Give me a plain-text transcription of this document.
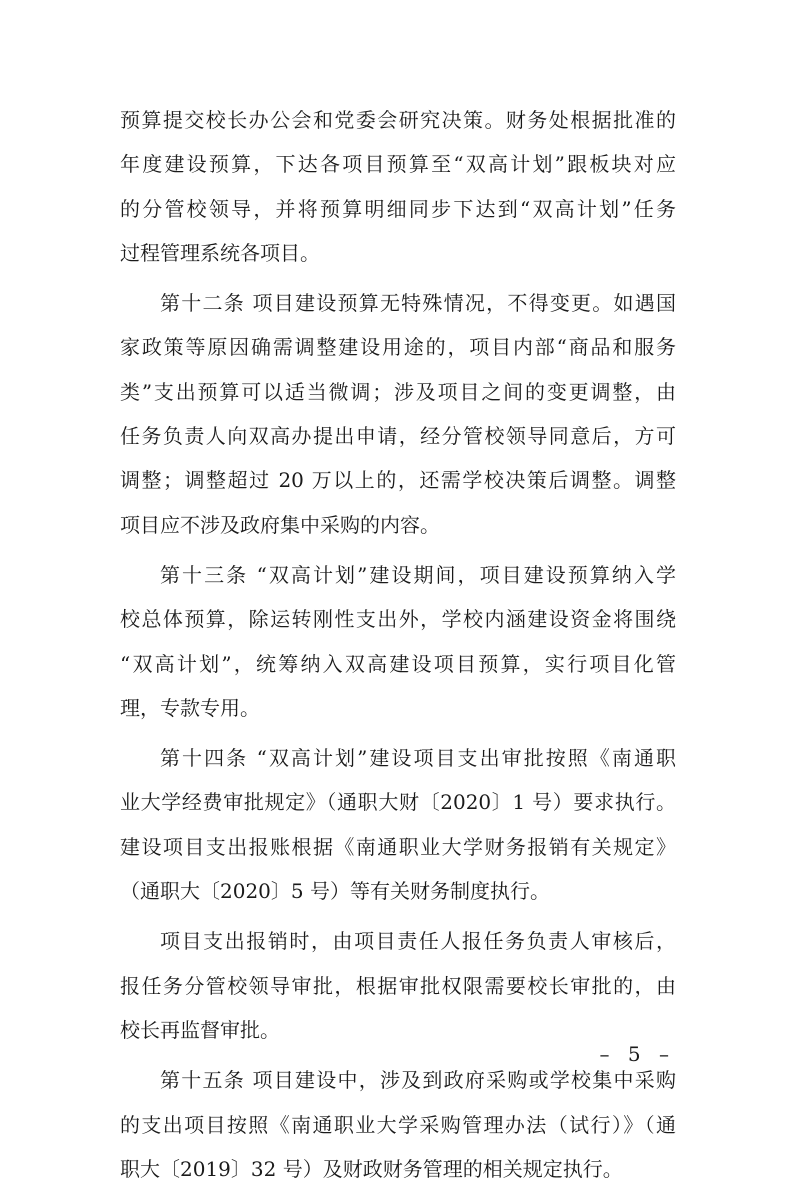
预算提交校长办公会和党委会研究决策。财务处根据批准的
年度建设预算，下达各项目预算至“双高计划”跟板块对应
的分管校领导，并将预算明细同步下达到“双高计划”任务
过程管理系统各项目。
第十二条 项目建设预算无特殊情况，不得变更。如遇国
家政策等原因确需调整建设用途的，项目内部“商品和服务
类”支出预算可以适当微调；涉及项目之间的变更调整，由
任务负责人向双高办提出申请，经分管校领导同意后，方可
调整；调整超过 20 万以上的，还需学校决策后调整。调整
项目应不涉及政府集中采购的内容。
第十三条 “双高计划”建设期间，项目建设预算纳入学
校总体预算，除运转刚性支出外，学校内涵建设资金将围绕
“双高计划”，统筹纳入双高建设项目预算，实行项目化管
理，专款专用。
第十四条 “双高计划”建设项目支出审批按照《南通职
业大学经费审批规定》（通职大财〔2020〕1 号）要求执行。
建设项目支出报账根据《南通职业大学财务报销有关规定》
（通职大〔2020〕5 号）等有关财务制度执行。
项目支出报销时，由项目责任人报任务负责人审核后，
报任务分管校领导审批，根据审批权限需要校长审批的，由
校长再监督审批。
第十五条 项目建设中，涉及到政府采购或学校集中采购
的支出项目按照《南通职业大学采购管理办法（试行）》（通
职大〔2019〕32 号）及财政财务管理的相关规定执行。
– 5 –
